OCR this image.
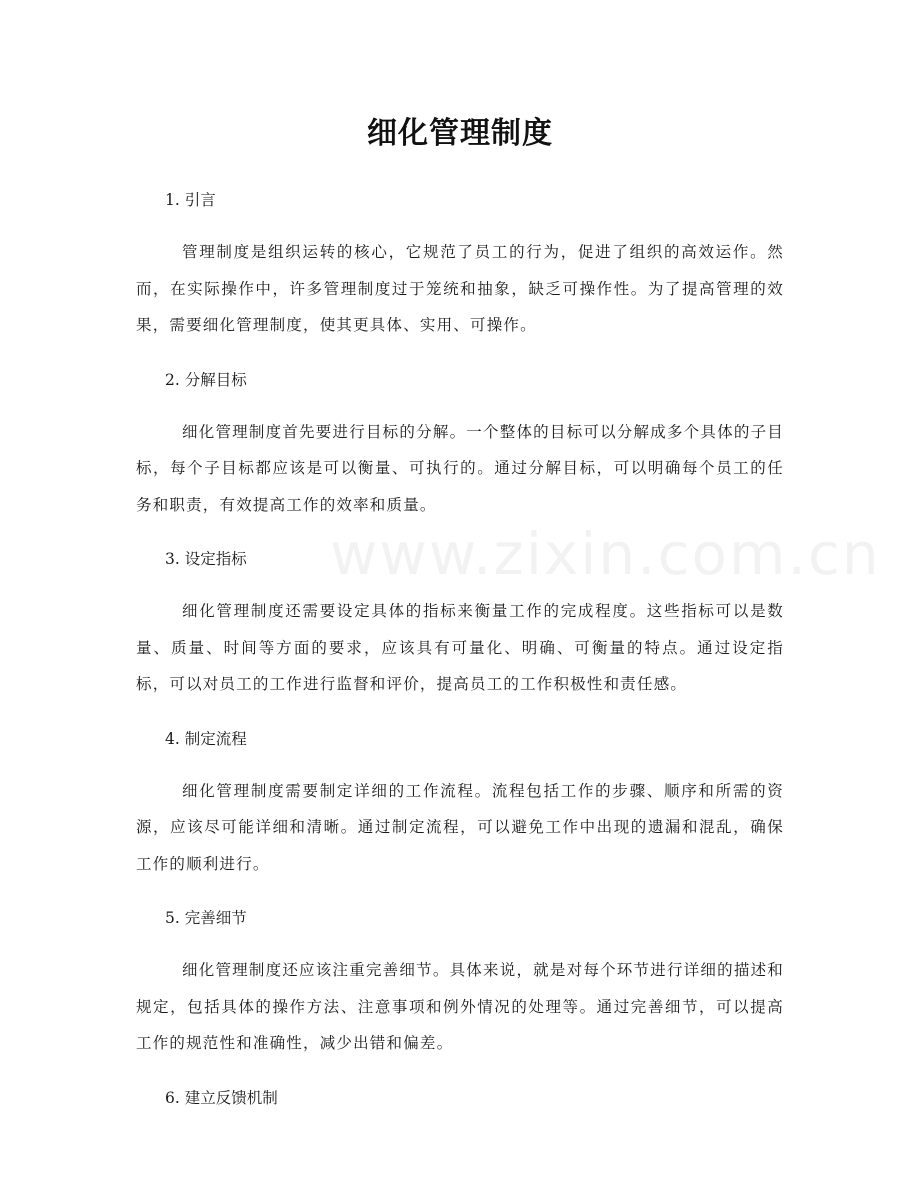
www.zixin.com.cn
细化管理制度
1. 引言

管理制度是组织运转的核心，它规范了员工的行为，促进了组织的高效运作。然而，在实际操作中，许多管理制度过于笼统和抽象，缺乏可操作性。为了提高管理的效果，需要细化管理制度，使其更具体、实用、可操作。

2. 分解目标

细化管理制度首先要进行目标的分解。一个整体的目标可以分解成多个具体的子目标，每个子目标都应该是可以衡量、可执行的。通过分解目标，可以明确每个员工的任务和职责，有效提高工作的效率和质量。

3. 设定指标

细化管理制度还需要设定具体的指标来衡量工作的完成程度。这些指标可以是数量、质量、时间等方面的要求，应该具有可量化、明确、可衡量的特点。通过设定指标，可以对员工的工作进行监督和评价，提高员工的工作积极性和责任感。

4. 制定流程

细化管理制度需要制定详细的工作流程。流程包括工作的步骤、顺序和所需的资源，应该尽可能详细和清晰。通过制定流程，可以避免工作中出现的遗漏和混乱，确保工作的顺利进行。

5. 完善细节

细化管理制度还应该注重完善细节。具体来说，就是对每个环节进行详细的描述和规定，包括具体的操作方法、注意事项和例外情况的处理等。通过完善细节，可以提高工作的规范性和准确性，减少出错和偏差。

6. 建立反馈机制
